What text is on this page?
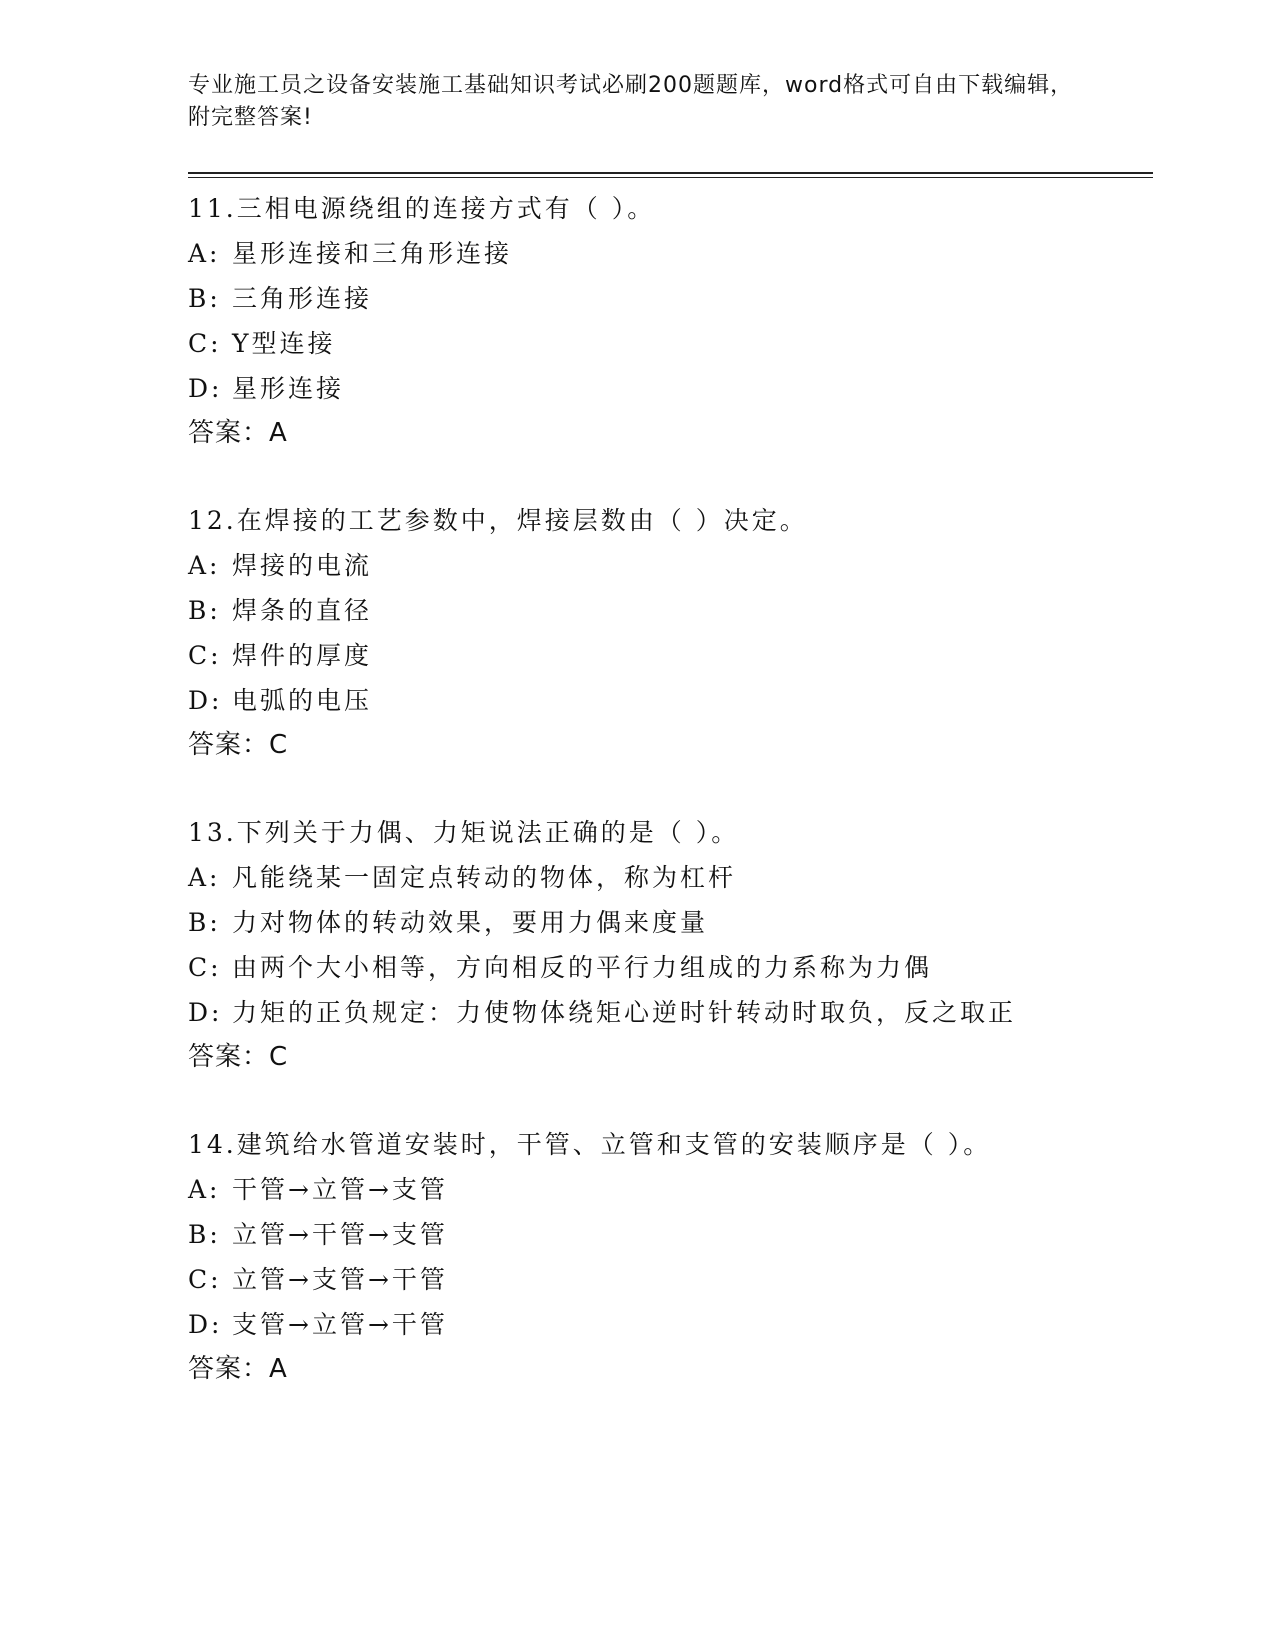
专业施工员之设备安装施工基础知识考试必刷200题题库，word格式可自由下载编辑，附完整答案!
11.三相电源绕组的连接方式有（ ）。
A: 星形连接和三角形连接
B: 三角形连接
C: Y型连接
D: 星形连接
答案：A
12.在焊接的工艺参数中，焊接层数由（ ）决定。
A: 焊接的电流
B: 焊条的直径
C: 焊件的厚度
D: 电弧的电压
答案：C
13.下列关于力偶、力矩说法正确的是（ ）。
A: 凡能绕某一固定点转动的物体，称为杠杆
B: 力对物体的转动效果，要用力偶来度量
C: 由两个大小相等，方向相反的平行力组成的力系称为力偶
D: 力矩的正负规定：力使物体绕矩心逆时针转动时取负，反之取正
答案：C
14.建筑给水管道安装时，干管、立管和支管的安装顺序是（ ）。
A: 干管→立管→支管
B: 立管→干管→支管
C: 立管→支管→干管
D: 支管→立管→干管
答案：A
